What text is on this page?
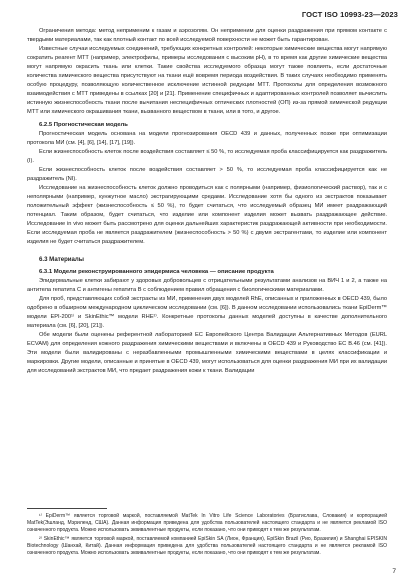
ГОСТ ISO 10993-23—2023

Ограничения метода: метод неприменим к газам и аэрозолям. Он неприменим для оценки раздражения при прямом контакте с твердыми материалами, так как плотный контакт по всей исследуемой поверхности не может быть гарантирован.

Известные случаи исследуемых соединений, требующих конкретных контролей: некоторые химические вещества могут напрямую сократить реагент МТТ (например, электрофилы, примеры исследования с высоким рН), в то время как другие химические вещества могут напрямую окрасить ткань или клетки. Такие свойства исследуемого образца могут также повлиять, если достаточные количества химического вещества присутствуют на ткани ещё вовремя периода воздействия. В таких случаях необходимо применять особую процедуру, позволяющую количественное исключение истинной редукции МТТ. Протоколы для определения возможного взаимодействия с МТТ приведены в ссылках [20] и [21]. Применение специфичных и адаптированных контролей позволяет вычислить истинную жизнеспособность ткани после вычитания неспецифичных оптических плотностей (ОП) из-за прямой химической редукции МТТ или химического окрашивания ткани, вызванного веществом в ткани, или в тото, и другое.

6.2.5 Прогностическая модель

Прогностическая модель основана на модели прогнозирования OECD 439 и данных, полученных позже при оптимизации протокола МИ (см. [4], [6], [14], [17], [19]).

Если жизнеспособность клеток после воздействия составляет ≤ 50 %, то исследуемая проба классифицируется как раздражитель (I).

Если жизнеспособность клеток после воздействия составляет > 50 %, то исследуемая проба классифицируется как не раздражитель (NI).

Исследование на жизнеспособность клеток должно проводиться как с полярными (например, физиологический раствор), так и с неполярными (например, кунжутное масло) экстрагирующими средами. Исследование хотя бы одного из экстрактов показывает положительный эффект (жизнеспособность ≤ 50 %), то будет считаться, что исследуемый образец МИ имеет раздражающий потенциал. Таким образом, будет считаться, что изделие или компонент изделия может вызвать раздражающее действие. Исследование in vivo может быть рассмотрено для оценки дальнейших характеристик раздражающей активности при необходимости. Если исследуемая проба не является раздражителем (жизнеспособность > 50 %) с двумя экстрагентами, то изделие или компонент изделия не будет считаться раздражителем.

6.3 Материалы
6.3.1 Модели реконструированного эпидермиса человека — описание продукта

Эпидермальные клетки забирают у здоровых добровольцев с отрицательными результатами анализов на ВИЧ 1 и 2, а также на антитела гепатита С и антигены гепатита В с соблюдением правил обращения с биологическими материалами.

Для проб, представляющих собой экстракты из МИ, применения двух моделей RhE, описанных и приложенных в OECD 439, было одобрено в обширном международном циклическом исследовании (см. [6]). В данном исследовании использовались ткани EpiDerm™ модели EPI-200¹⁾ и SkinEthic™ модели RHE²⁾. Конкретные протоколы данных моделей доступны в качестве дополнительного материала (см. [6], [20], [21]).

Обе модели были оценены референтной лабораторией ЕС Европейского Центра Валидации Альтернативных Методов (EURL ECVAM) для определения кожного раздражения химическими веществами и включены в OECD 439 и Руководство ЕС B.46 (см. [41]). Эти модели были валидированы с неразбавленными промышленными химическими веществами в целях классификации и маркировки. Другие модели, описанные и принятые в OECD 439, могут использоваться для оценки раздражения МИ при их валидации для исследований экстрактов МИ, что предает раздражения кожи к ткани. Валидации

¹⁾ EpiDerm™ является торговой маркой, поставляемой MatTek In Vitro Life Science Laboratories (Братислава, Словакия) и корпорацией MatTek(Эшланд, Мэриленд, США). Данная информация приведена для удобства пользователей настоящего стандарта и не является рекламой ISO означенного продукта. Можно использовать эквивалентные продукты, если показано, что они приводят к тем же результатам.

²⁾ SkinEthic™ является торговой маркой, поставляемой компанией EpiSkin SA (Лион, Франция), EpiSkin Brazil (Рио, Бразилия) и Shanghai EPISKIN Biotechnology (Шанхай, Китай). Данная информация приведена для удобства пользователей настоящего стандарта и не является рекламой ISO означенного продукта. Можно использовать эквивалентные продукты, если показано, что они приводят к тем же результатам.

7
